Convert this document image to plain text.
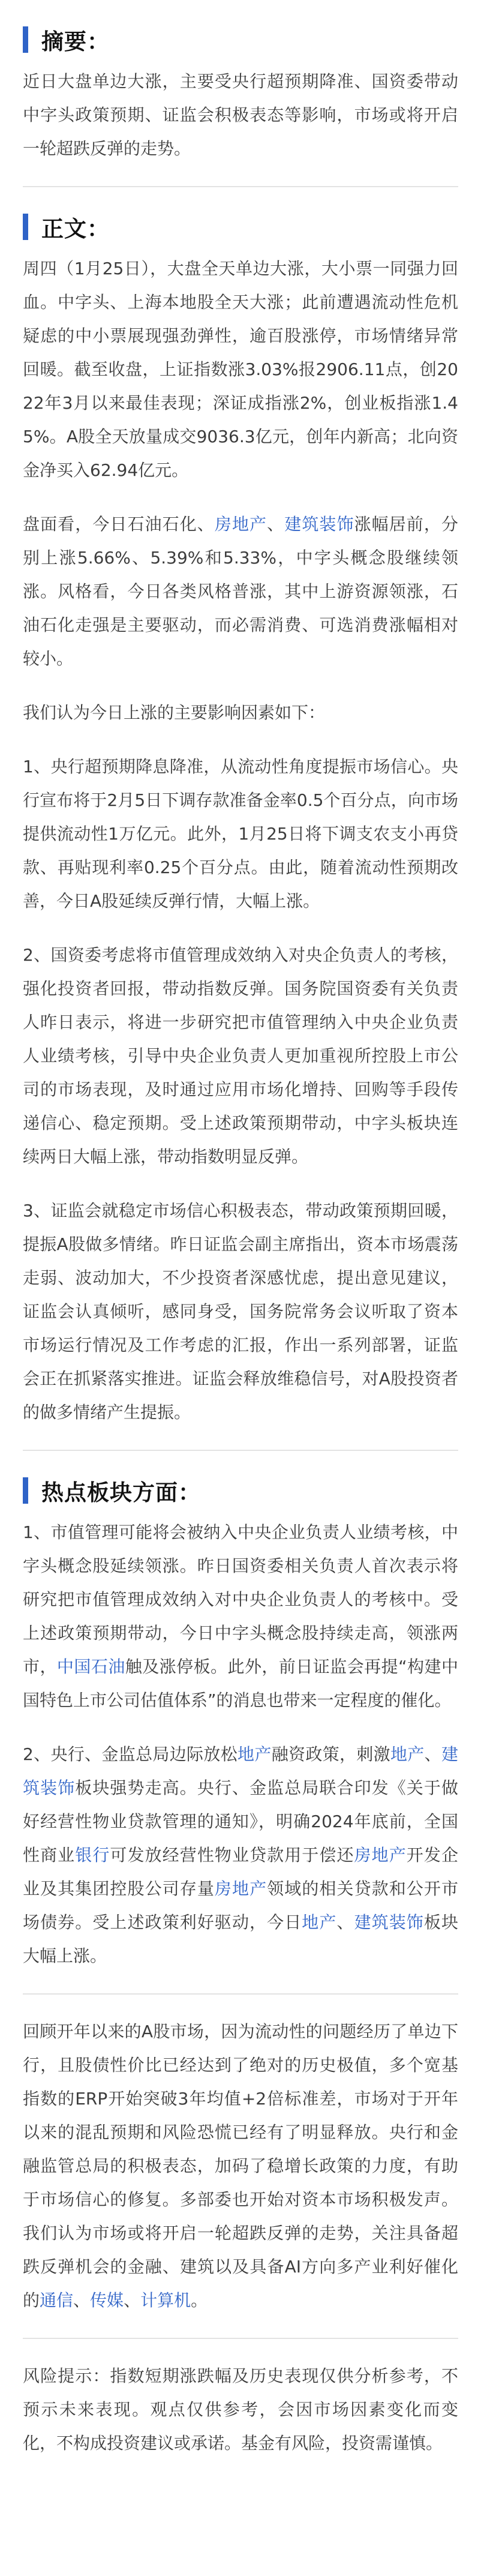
摘要：

近日大盘单边大涨，主要受央行超预期降准、国资委带动中字头政策预期、证监会积极表态等影响，市场或将开启一轮超跌反弹的走势。

正文：

周四（1月25日），大盘全天单边大涨，大小票一同强力回血。中字头、上海本地股全天大涨；此前遭遇流动性危机疑虑的中小票展现强劲弹性，逾百股涨停，市场情绪异常回暖。截至收盘，上证指数涨3.03%报2906.11点，创2022年3月以来最佳表现；深证成指涨2%，创业板指涨1.45%。A股全天放量成交9036.3亿元，创年内新高；北向资金净买入62.94亿元。

盘面看，今日石油石化、房地产、建筑装饰涨幅居前，分别上涨5.66%、5.39%和5.33%，中字头概念股继续领涨。风格看，今日各类风格普涨，其中上游资源领涨，石油石化走强是主要驱动，而必需消费、可选消费涨幅相对较小。

我们认为今日上涨的主要影响因素如下：

1、央行超预期降息降准，从流动性角度提振市场信心。央行宣布将于2月5日下调存款准备金率0.5个百分点，向市场提供流动性1万亿元。此外，1月25日将下调支农支小再贷款、再贴现利率0.25个百分点。由此，随着流动性预期改善，今日A股延续反弹行情，大幅上涨。

2、国资委考虑将市值管理成效纳入对央企负责人的考核，强化投资者回报，带动指数反弹。国务院国资委有关负责人昨日表示，将进一步研究把市值管理纳入中央企业负责人业绩考核，引导中央企业负责人更加重视所控股上市公司的市场表现，及时通过应用市场化增持、回购等手段传递信心、稳定预期。受上述政策预期带动，中字头板块连续两日大幅上涨，带动指数明显反弹。

3、证监会就稳定市场信心积极表态，带动政策预期回暖，提振A股做多情绪。昨日证监会副主席指出，资本市场震荡走弱、波动加大，不少投资者深感忧虑，提出意见建议，证监会认真倾听，感同身受，国务院常务会议听取了资本市场运行情况及工作考虑的汇报，作出一系列部署，证监会正在抓紧落实推进。证监会释放维稳信号，对A股投资者的做多情绪产生提振。

热点板块方面：

1、市值管理可能将会被纳入中央企业负责人业绩考核，中字头概念股延续领涨。昨日国资委相关负责人首次表示将研究把市值管理成效纳入对中央企业负责人的考核中。受上述政策预期带动，今日中字头概念股持续走高，领涨两市，中国石油触及涨停板。此外，前日证监会再提“构建中国特色上市公司估值体系”的消息也带来一定程度的催化。

2、央行、金监总局边际放松地产融资政策，刺激地产、建筑装饰板块强势走高。央行、金监总局联合印发《关于做好经营性物业贷款管理的通知》，明确2024年底前，全国性商业银行可发放经营性物业贷款用于偿还房地产开发企业及其集团控股公司存量房地产领域的相关贷款和公开市场债券。受上述政策利好驱动，今日地产、建筑装饰板块大幅上涨。

回顾开年以来的A股市场，因为流动性的问题经历了单边下行，且股债性价比已经达到了绝对的历史极值，多个宽基指数的ERP开始突破3年均值+2倍标准差，市场对于开年以来的混乱预期和风险恐慌已经有了明显释放。央行和金融监管总局的积极表态，加码了稳增长政策的力度，有助于市场信心的修复。多部委也开始对资本市场积极发声。我们认为市场或将开启一轮超跌反弹的走势，关注具备超跌反弹机会的金融、建筑以及具备AI方向多产业利好催化的通信、传媒、计算机。

风险提示：指数短期涨跌幅及历史表现仅供分析参考，不预示未来表现。观点仅供参考，会因市场因素变化而变化，不构成投资建议或承诺。基金有风险，投资需谨慎。
